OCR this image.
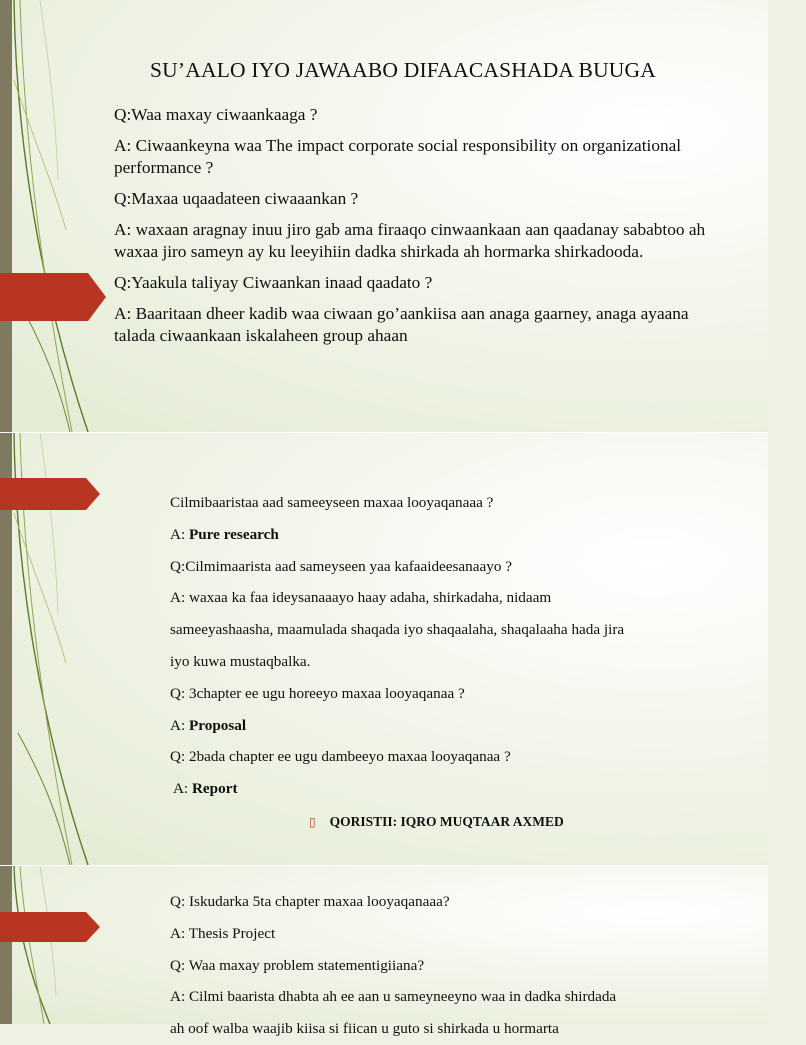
SU’AALO IYO JAWAABO DIFAACASHADA BUUGA

Q:Waa maxay ciwaankaaga ?

A: Ciwaankeyna waa The impact corporate social responsibility on organizational performance ?

Q:Maxaa uqaadateen ciwaaankan ?

A: waxaan aragnay inuu jiro gab ama firaaqo cinwaankaan aan qaadanay sababtoo ah waxaa jiro sameyn ay ku leeyihiin dadka shirkada ah hormarka shirkadooda.

Q:Yaakula taliyay Ciwaankan inaad qaadato ?

A: Baaritaan dheer kadib waa ciwaan go’aankiisa aan anaga gaarney, anaga ayaana talada ciwaankaan iskalaheen group ahaan

Cilmibaaristaa aad sameeyseen maxaa looyaqanaaa ?

A: Pure research

Q:Cilmimaarista aad sameyseen yaa kafaaideesanaayo ?

A: waxaa ka faa ideysanaaayo haay adaha, shirkadaha, nidaam

sameeyashaasha, maamulada shaqada iyo shaqaalaha, shaqalaaha hada jira

iyo kuwa mustaqbalka.

Q: 3chapter ee ugu horeeyo maxaa looyaqanaa ?

A: Proposal

Q: 2bada chapter ee ugu dambeeyo maxaa looyaqanaa ?

A: Report

▯ QORISTII: IQRO MUQTAAR AXMED

Q: Iskudarka 5ta chapter maxaa looyaqanaaa?

A: Thesis Project

Q: Waa maxay problem statementigiiana?

A: Cilmi baarista dhabta ah ee aan u sameyneeyno waa in dadka shirdada

ah oof walba waajib kiisa si fiican u guto si shirkada u hormarta
